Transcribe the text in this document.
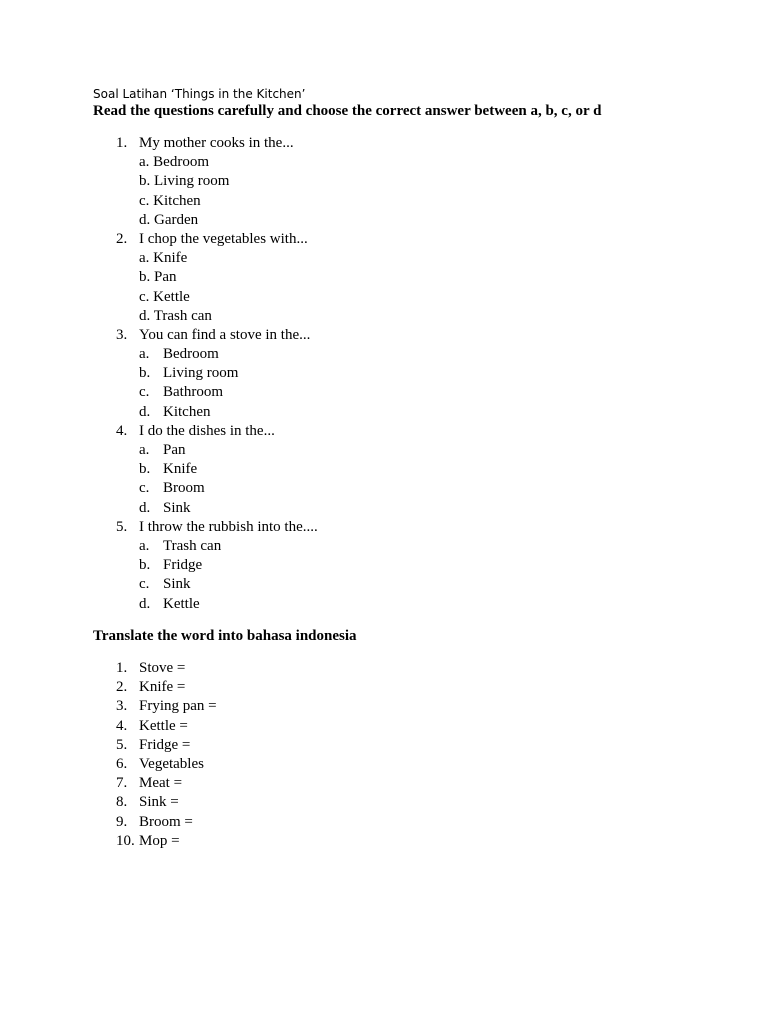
Soal Latihan ‘Things in the Kitchen’
Read the questions carefully and choose the correct answer between a, b, c, or d
1. My mother cooks in the...
a. Bedroom
b. Living room
c. Kitchen
d. Garden
2. I chop the vegetables with...
a. Knife
b. Pan
c. Kettle
d. Trash can
3. You can find a stove in the...
a. Bedroom
b. Living room
c. Bathroom
d. Kitchen
4. I do the dishes in the...
a. Pan
b. Knife
c. Broom
d. Sink
5. I throw the rubbish into the....
a. Trash can
b. Fridge
c. Sink
d. Kettle
Translate the word into bahasa indonesia
1. Stove =
2. Knife =
3. Frying pan =
4. Kettle =
5. Fridge =
6. Vegetables
7. Meat =
8. Sink =
9. Broom =
10. Mop =
